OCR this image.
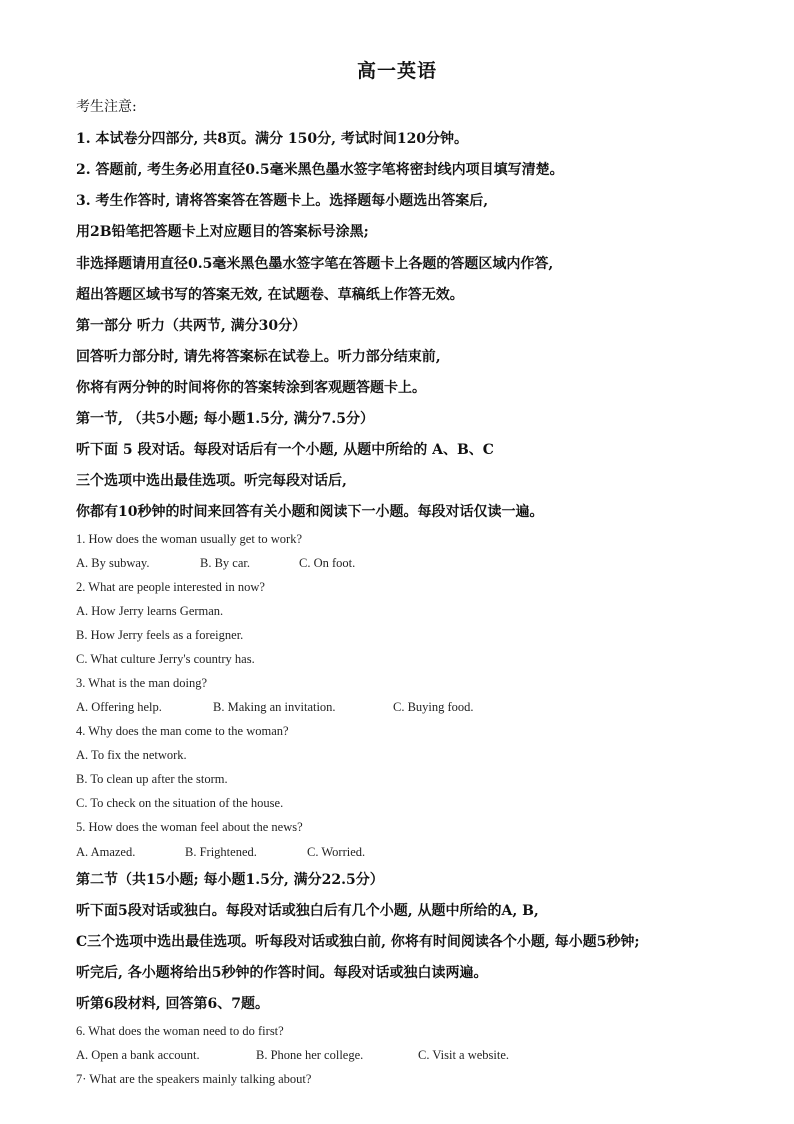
高一英语
考生注意:
1. 本试卷分四部分, 共8页。满分 150分, 考试时间120分钟。
2. 答题前, 考生务必用直径0.5毫米黑色墨水签字笔将密封线内项目填写清楚。
3. 考生作答时, 请将答案答在答题卡上。选择题每小题选出答案后,
用2B铅笔把答题卡上对应题目的答案标号涂黑;
非选择题请用直径0.5毫米黑色墨水签字笔在答题卡上各题的答题区域内作答,
超出答题区域书写的答案无效, 在试题卷、草稿纸上作答无效。
第一部分 听力（共两节, 满分30分）
回答听力部分时, 请先将答案标在试卷上。听力部分结束前,
你将有两分钟的时间将你的答案转涂到客观题答题卡上。
第一节, （共5小题; 每小题1.5分, 满分7.5分）
听下面 5 段对话。每段对话后有一个小题, 从题中所给的 A、B、C
三个选项中选出最佳选项。听完每段对话后,
你都有10秒钟的时间来回答有关小题和阅读下一小题。每段对话仅读一遍。
1. How does the woman usually get to work?
A. By subway.	B. By car.	C. On foot.
2. What are people interested in now?
A. How Jerry learns German.
B. How Jerry feels as a foreigner.
C. What culture Jerry's country has.
3. What is the man doing?
A. Offering help.	B. Making an invitation.	C. Buying food.
4. Why does the man come to the woman?
A. To fix the network.
B. To clean up after the storm.
C. To check on the situation of the house.
5. How does the woman feel about the news?
A. Amazed.	B. Frightened.	C. Worried.
第二节（共15小题; 每小题1.5分, 满分22.5分）
听下面5段对话或独白。每段对话或独白后有几个小题, 从题中所给的A, B,
C三个选项中选出最佳选项。听每段对话或独白前, 你将有时间阅读各个小题, 每小题5秒钟;
听完后, 各小题将给出5秒钟的作答时间。每段对话或独白读两遍。
听第6段材料, 回答第6、7题。
6. What does the woman need to do first?
A. Open a bank account.	B. Phone her college.	C. Visit a website.
7· What are the speakers mainly talking about?
